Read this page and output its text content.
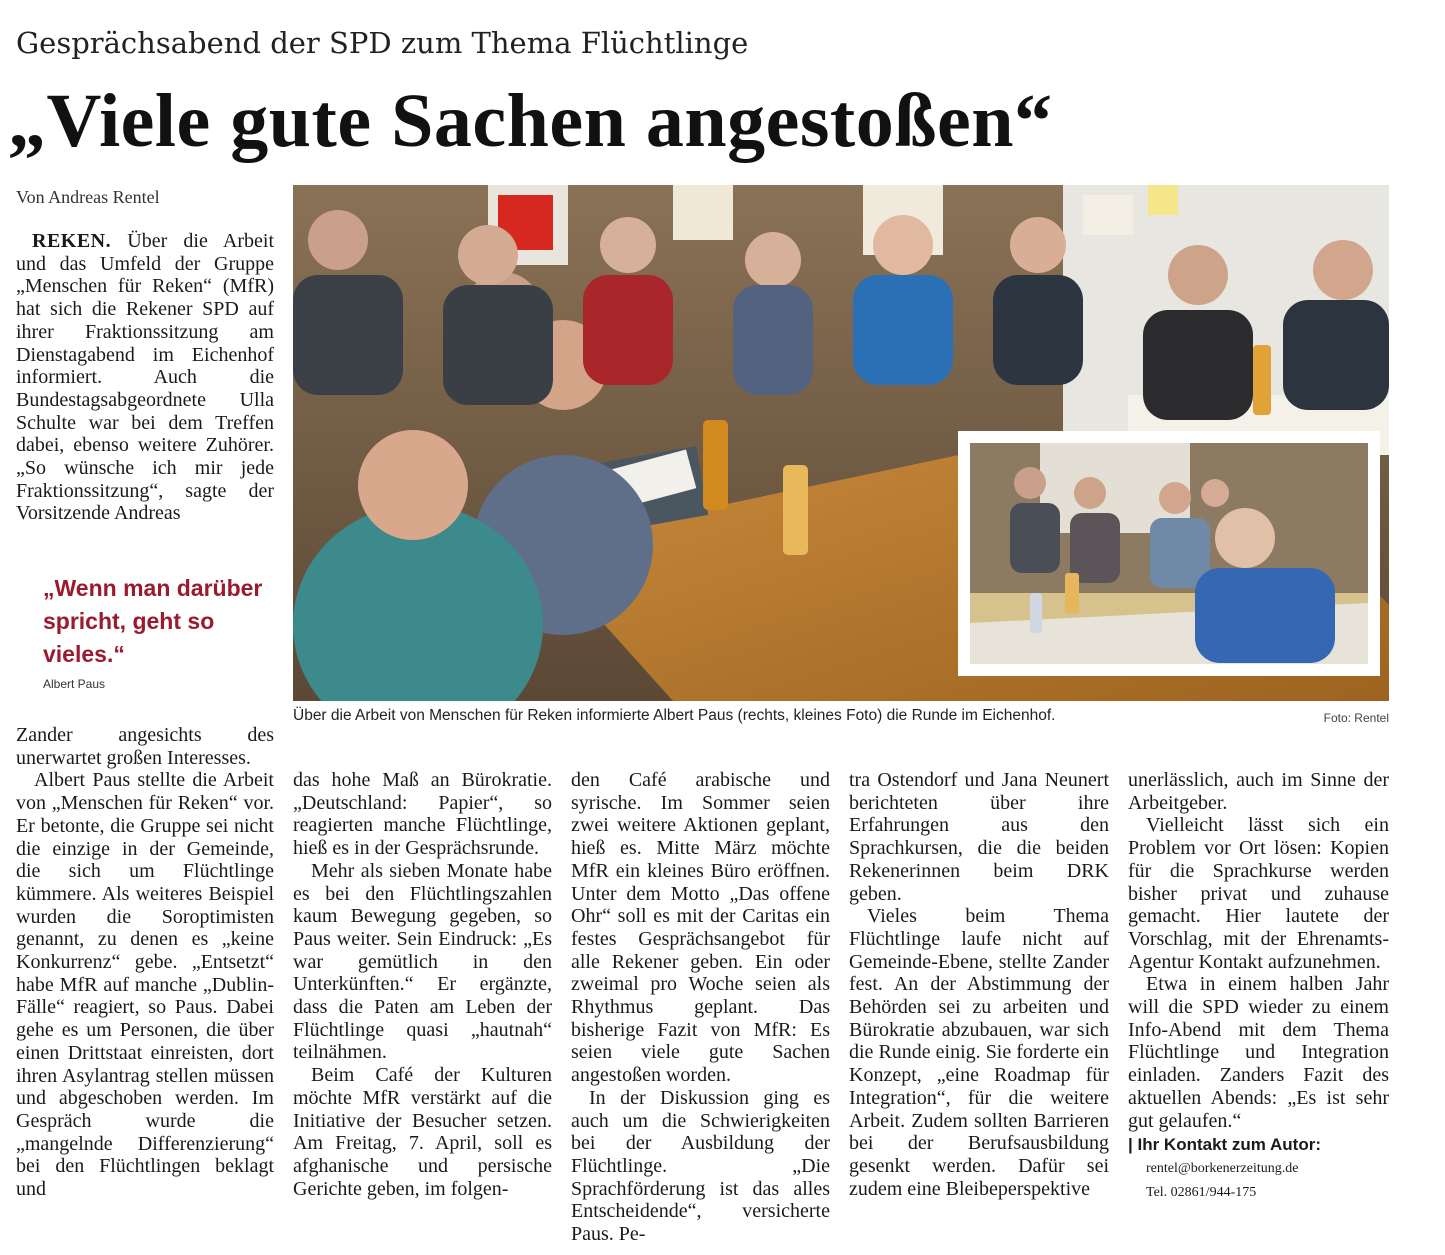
Gesprächsabend der SPD zum Thema Flüchtlinge
„Viele gute Sachen angestoßen“
Von Andreas Rentel

REKEN. Über die Arbeit und das Umfeld der Gruppe „Menschen für Reken“ (MfR) hat sich die Rekener SPD auf ihrer Fraktionssitzung am Dienstagabend im Eichenhof informiert. Auch die Bundestagsabgeordnete Ulla Schulte war bei dem Treffen dabei, ebenso weitere Zuhörer. „So wünsche ich mir jede Fraktionssitzung“, sagte der Vorsitzende Andreas

„Wenn man darüber spricht, geht so vieles.“
Albert Paus
Über die Arbeit von Menschen für Reken informierte Albert Paus (rechts, kleines Foto) die Runde im Eichenhof.	Foto: Rentel

Zander angesichts des unerwartet großen Interesses.

Albert Paus stellte die Arbeit von „Menschen für Reken“ vor. Er betonte, die Gruppe sei nicht die einzige in der Gemeinde, die sich um Flüchtlinge kümmere. Als weiteres Beispiel wurden die Soroptimisten genannt, zu denen es „keine Konkurrenz“ gebe. „Entsetzt“ habe MfR auf manche „Dublin-Fälle“ reagiert, so Paus. Dabei gehe es um Personen, die über einen Drittstaat einreisten, dort ihren Asylantrag stellen müssen und abgeschoben werden. Im Gespräch wurde die „mangelnde Differenzierung“ bei den Flüchtlingen beklagt und

das hohe Maß an Bürokratie. „Deutschland: Papier“, so reagierten manche Flüchtlinge, hieß es in der Gesprächsrunde.

Mehr als sieben Monate habe es bei den Flüchtlingszahlen kaum Bewegung gegeben, so Paus weiter. Sein Eindruck: „Es war gemütlich in den Unterkünften.“ Er ergänzte, dass die Paten am Leben der Flüchtlinge quasi „hautnah“ teilnähmen.

Beim Café der Kulturen möchte MfR verstärkt auf die Initiative der Besucher setzen. Am Freitag, 7. April, soll es afghanische und persische Gerichte geben, im folgen-

den Café arabische und syrische. Im Sommer seien zwei weitere Aktionen geplant, hieß es. Mitte März möchte MfR ein kleines Büro eröffnen. Unter dem Motto „Das offene Ohr“ soll es mit der Caritas ein festes Gesprächsangebot für alle Rekener geben. Ein oder zweimal pro Woche seien als Rhythmus geplant. Das bisherige Fazit von MfR: Es seien viele gute Sachen angestoßen worden.

In der Diskussion ging es auch um die Schwierigkeiten bei der Ausbildung der Flüchtlinge. „Die Sprachförderung ist das alles Entscheidende“, versicherte Paus. Pe-

tra Ostendorf und Jana Neunert berichteten über ihre Erfahrungen aus den Sprachkursen, die die beiden Rekenerinnen beim DRK geben.

Vieles beim Thema Flüchtlinge laufe nicht auf Gemeinde-Ebene, stellte Zander fest. An der Abstimmung der Behörden sei zu arbeiten und Bürokratie abzubauen, war sich die Runde einig. Sie forderte ein Konzept, „eine Roadmap für Integration“, für die weitere Arbeit. Zudem sollten Barrieren bei der Berufsausbildung gesenkt werden. Dafür sei zudem eine Bleibeperspektive

unerlässlich, auch im Sinne der Arbeitgeber.

Vielleicht lässt sich ein Problem vor Ort lösen: Kopien für die Sprachkurse werden bisher privat und zuhause gemacht. Hier lautete der Vorschlag, mit der Ehrenamts-Agentur Kontakt aufzunehmen.

Etwa in einem halben Jahr will die SPD wieder zu einem Info-Abend mit dem Thema Flüchtlinge und Integration einladen. Zanders Fazit des aktuellen Abends: „Es ist sehr gut gelaufen.“

| Ihr Kontakt zum Autor:
rentel@borkenerzeitung.de
Tel. 02861/944-175
